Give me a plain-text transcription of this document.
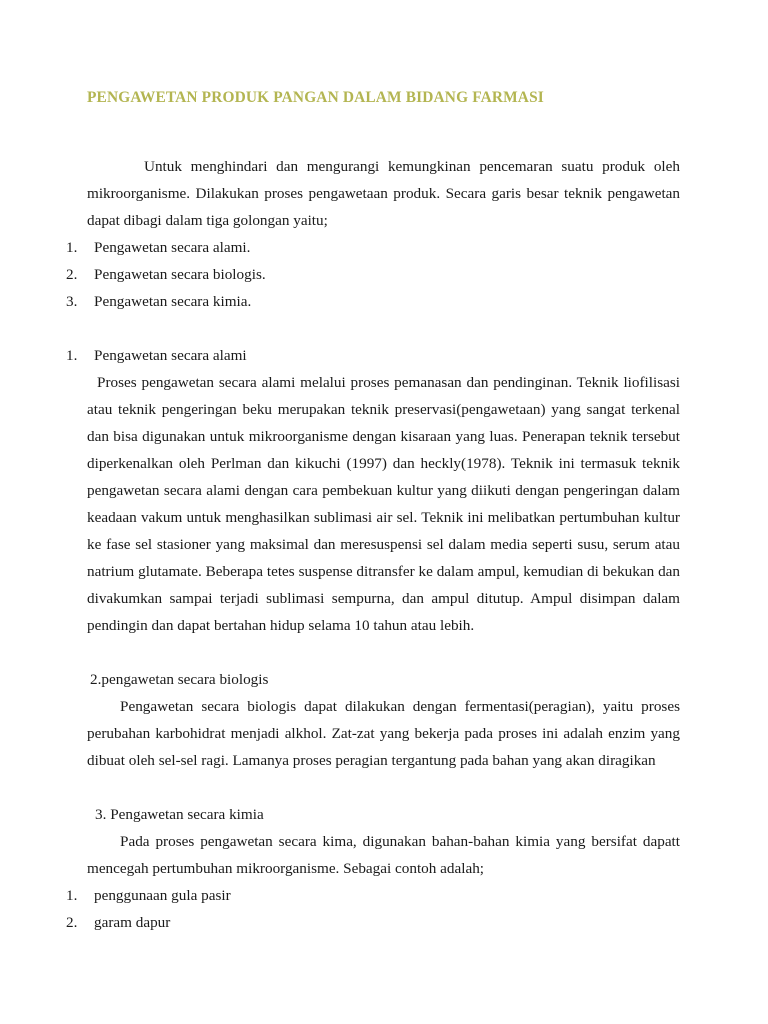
PENGAWETAN PRODUK PANGAN DALAM BIDANG FARMASI

Untuk menghindari dan mengurangi kemungkinan pencemaran suatu produk oleh mikroorganisme. Dilakukan proses pengawetaan produk. Secara garis besar teknik pengawetan dapat dibagi dalam tiga golongan yaitu;

1.	Pengawetan secara alami.
2.	Pengawetan secara biologis.
3.	Pengawetan secara kimia.
1. Pengawetan secara alami

Proses pengawetan secara alami melalui proses pemanasan dan pendinginan. Teknik liofilisasi atau teknik pengeringan beku merupakan teknik preservasi(pengawetaan) yang sangat terkenal dan bisa digunakan untuk mikroorganisme dengan kisaraan yang luas. Penerapan teknik tersebut diperkenalkan oleh Perlman dan kikuchi (1997) dan heckly(1978). Teknik ini termasuk teknik pengawetan secara alami dengan cara pembekuan kultur yang diikuti dengan pengeringan dalam keadaan vakum untuk menghasilkan sublimasi air sel. Teknik ini melibatkan pertumbuhan kultur ke fase sel stasioner yang maksimal dan meresuspensi sel dalam media seperti susu, serum atau natrium glutamate. Beberapa tetes suspense ditransfer ke dalam ampul, kemudian di bekukan dan divakumkan sampai terjadi sublimasi sempurna, dan ampul ditutup. Ampul disimpan dalam pendingin dan dapat bertahan hidup selama 10 tahun atau lebih.

2.pengawetan secara biologis

Pengawetan secara biologis dapat dilakukan dengan fermentasi(peragian), yaitu proses perubahan karbohidrat menjadi alkhol. Zat-zat yang bekerja pada proses ini adalah enzim yang dibuat oleh sel-sel ragi. Lamanya proses peragian tergantung pada bahan yang akan diragikan

3. Pengawetan secara kimia

Pada proses pengawetan secara kima, digunakan bahan-bahan kimia yang bersifat dapatt mencegah pertumbuhan mikroorganisme. Sebagai contoh adalah;

1.	penggunaan gula pasir
2.	garam dapur
